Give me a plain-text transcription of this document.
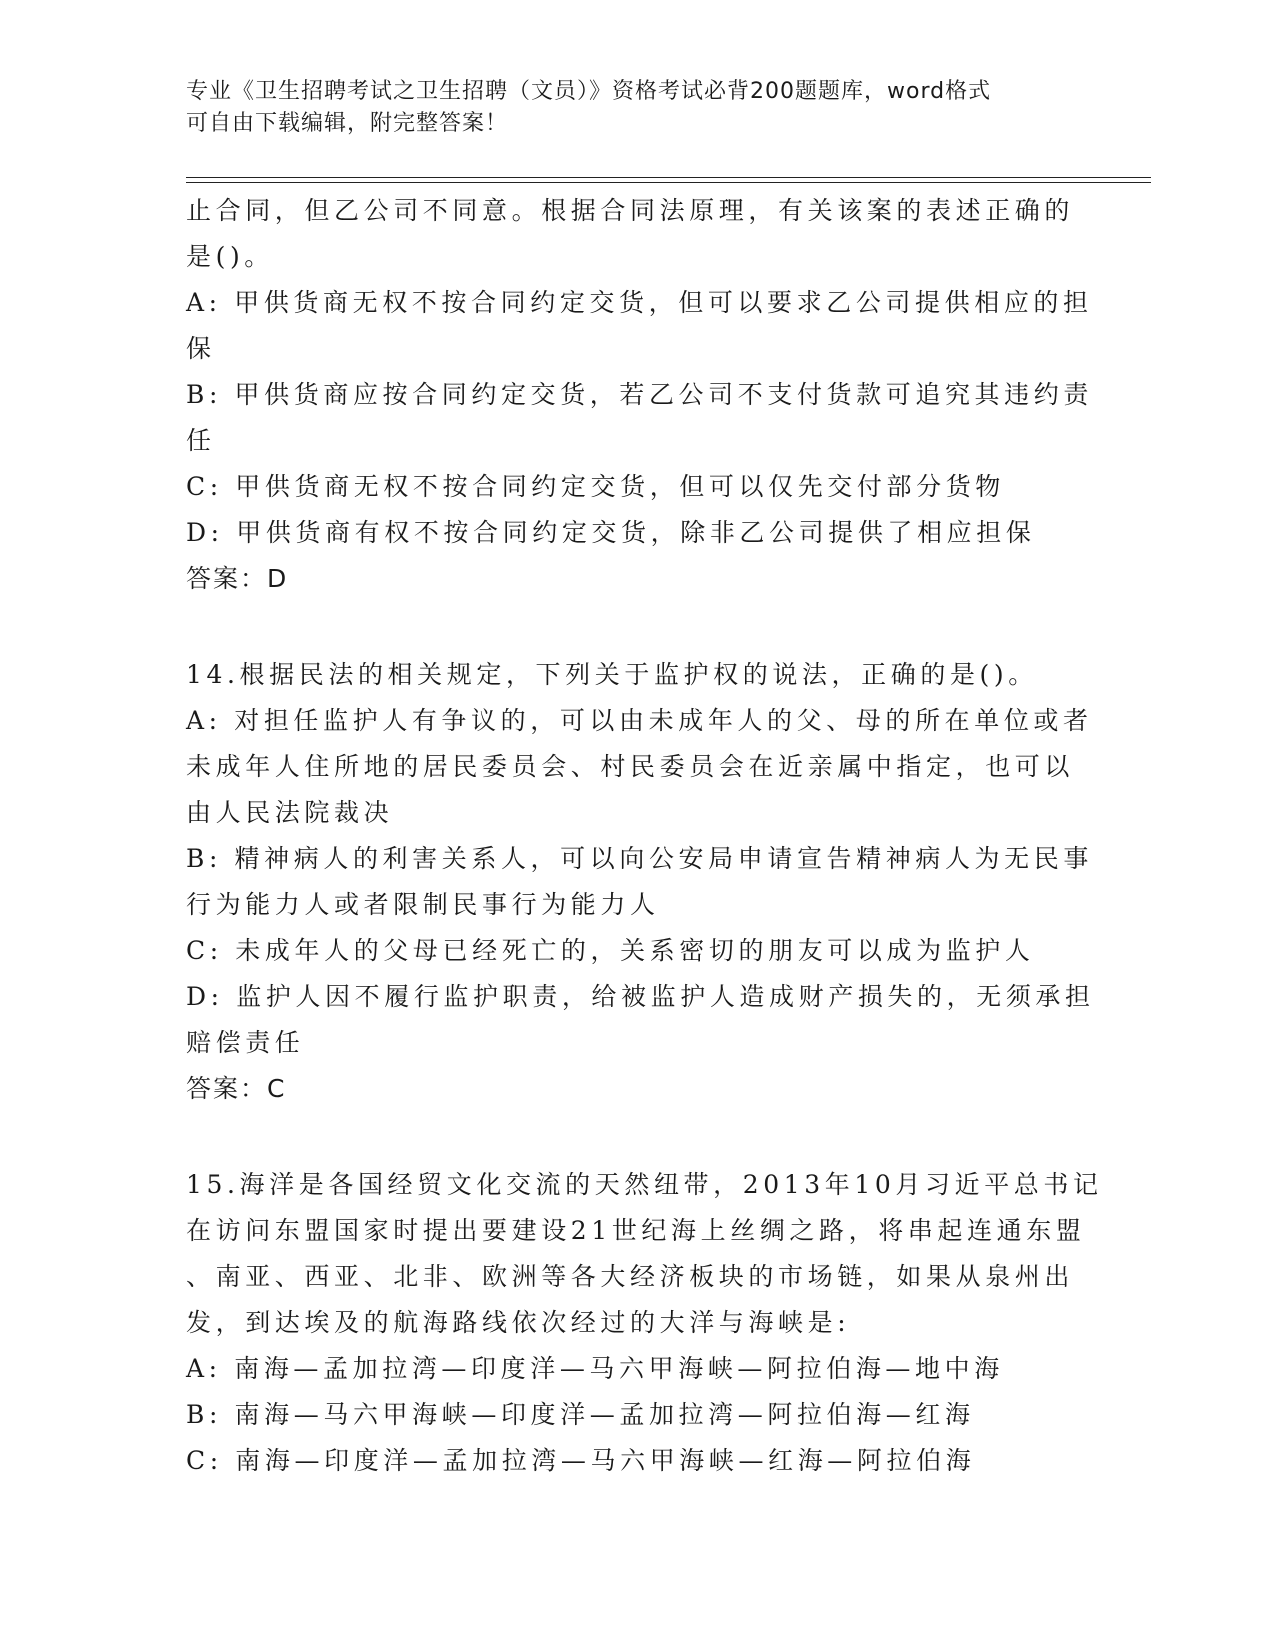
专业《卫生招聘考试之卫生招聘（文员）》资格考试必背200题题库，word格式
可自由下载编辑，附完整答案！
止合同，但乙公司不同意。根据合同法原理，有关该案的表述正确的
是()。
A: 甲供货商无权不按合同约定交货，但可以要求乙公司提供相应的担
保
B: 甲供货商应按合同约定交货，若乙公司不支付货款可追究其违约责
任
C: 甲供货商无权不按合同约定交货，但可以仅先交付部分货物
D: 甲供货商有权不按合同约定交货，除非乙公司提供了相应担保
答案：D
14.根据民法的相关规定，下列关于监护权的说法，正确的是()。
A: 对担任监护人有争议的，可以由未成年人的父、母的所在单位或者
未成年人住所地的居民委员会、村民委员会在近亲属中指定，也可以
由人民法院裁决
B: 精神病人的利害关系人，可以向公安局申请宣告精神病人为无民事
行为能力人或者限制民事行为能力人
C: 未成年人的父母已经死亡的，关系密切的朋友可以成为监护人
D: 监护人因不履行监护职责，给被监护人造成财产损失的，无须承担
赔偿责任
答案：C
15.海洋是各国经贸文化交流的天然纽带，2013年10月习近平总书记
在访问东盟国家时提出要建设21世纪海上丝绸之路，将串起连通东盟
、南亚、西亚、北非、欧洲等各大经济板块的市场链，如果从泉州出
发，到达埃及的航海路线依次经过的大洋与海峡是:
A: 南海—孟加拉湾—印度洋—马六甲海峡—阿拉伯海—地中海
B: 南海—马六甲海峡—印度洋—孟加拉湾—阿拉伯海—红海
C: 南海—印度洋—孟加拉湾—马六甲海峡—红海—阿拉伯海
